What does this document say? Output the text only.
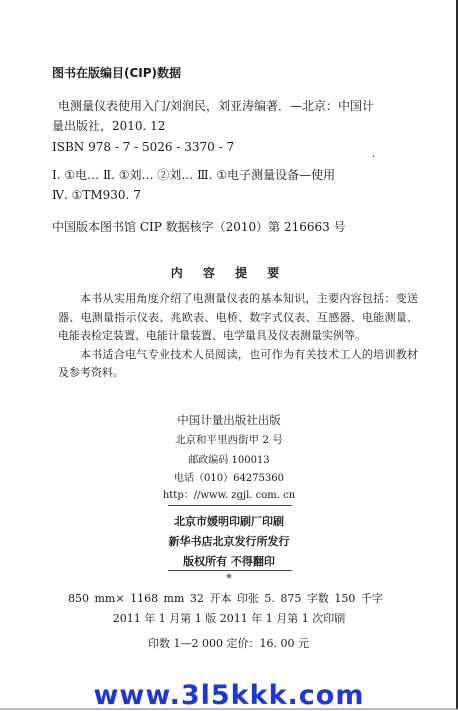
图书在版编目(CIP)数据
电测量仪表使用入门/刘润民，刘亚涛编著．—北京：中国计
量出版社，2010. 12
ISBN 978 - 7 - 5026 - 3370 - 7
·
Ⅰ. ①电… Ⅱ. ①刘… ②刘… Ⅲ. ①电子测量设备—使用
Ⅳ. ①TM930. 7
中国版本图书馆 CIP 数据核字（2010）第 216663 号
内 容 提 要

本书从实用角度介绍了电测量仪表的基本知识，主要内容包括：变送器、电测量指示仪表、兆欧表、电桥、数字式仪表、互感器、电能测量、电能表检定装置、电能计量装置、电学量具及仪表测量实例等。

本书适合电气专业技术人员阅读，也可作为有关技术工人的培训教材及参考资料。

中国计量出版社出版
北京和平里西街甲 2 号
邮政编码 100013
电话（010）64275360
http：//www. zgjl. com. cn
北京市媛明印刷厂印刷
新华书店北京发行所发行
版权所有 不得翻印
*
850 mm× 1168 mm 32 开本 印张 5. 875 字数 150 千字
2011 年 1 月第 1 版 2011 年 1 月第 1 次印刷
印数 1—2 000 定价：16. 00 元
www.3l5kkk.com
